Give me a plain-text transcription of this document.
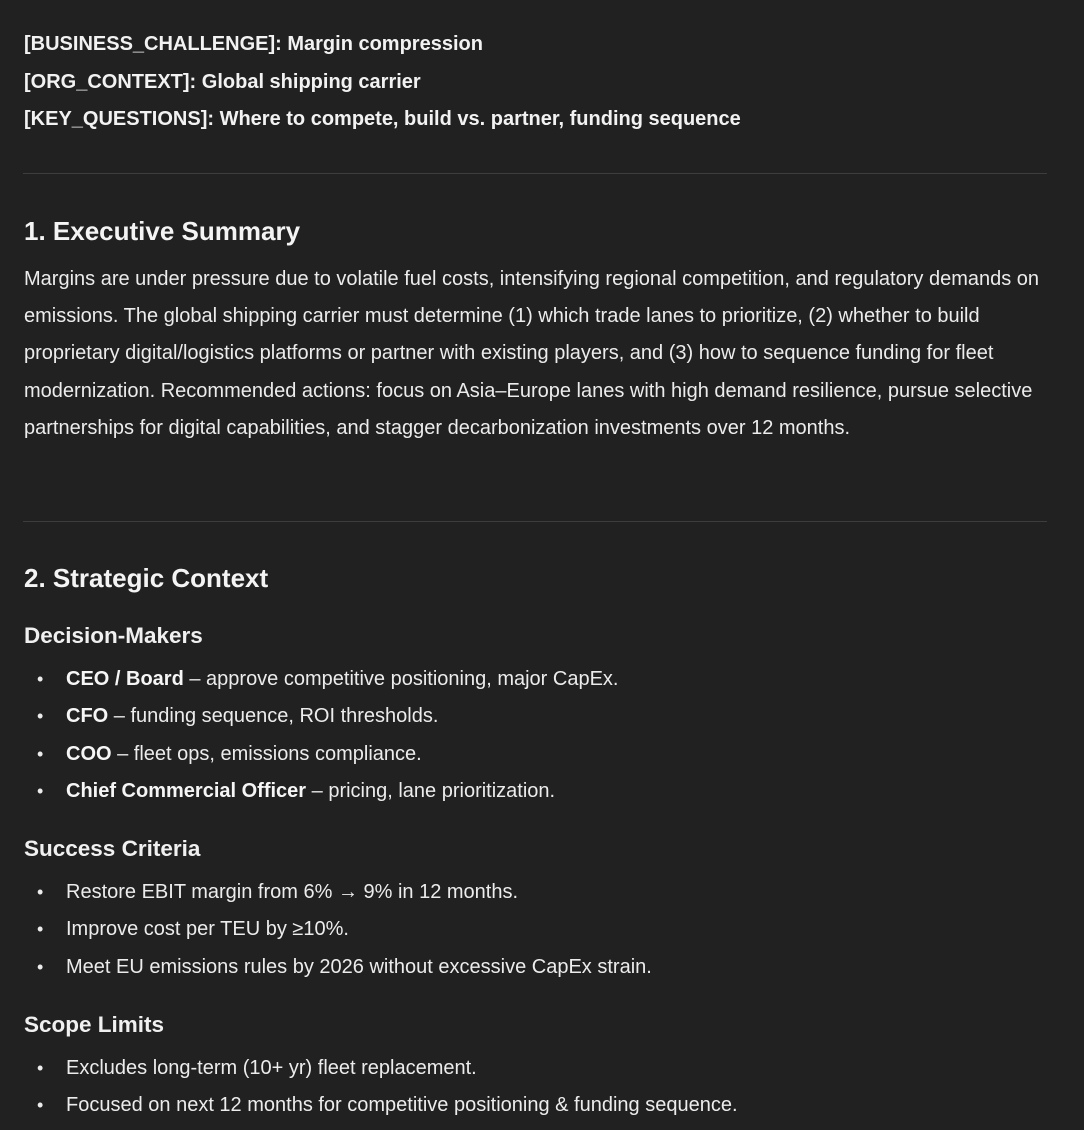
[BUSINESS_CHALLENGE]: Margin compression
[ORG_CONTEXT]: Global shipping carrier
[KEY_QUESTIONS]: Where to compete, build vs. partner, funding sequence
1. Executive Summary
Margins are under pressure due to volatile fuel costs, intensifying regional competition, and regulatory demands on emissions. The global shipping carrier must determine (1) which trade lanes to prioritize, (2) whether to build proprietary digital/logistics platforms or partner with existing players, and (3) how to sequence funding for fleet modernization. Recommended actions: focus on Asia–Europe lanes with high demand resilience, pursue selective partnerships for digital capabilities, and stagger decarbonization investments over 12 months.
2. Strategic Context
Decision-Makers
• CEO / Board – approve competitive positioning, major CapEx.
• CFO – funding sequence, ROI thresholds.
• COO – fleet ops, emissions compliance.
• Chief Commercial Officer – pricing, lane prioritization.
Success Criteria
• Restore EBIT margin from 6% → 9% in 12 months.
• Improve cost per TEU by ≥10%.
• Meet EU emissions rules by 2026 without excessive CapEx strain.
Scope Limits
• Excludes long-term (10+ yr) fleet replacement.
• Focused on next 12 months for competitive positioning & funding sequence.
